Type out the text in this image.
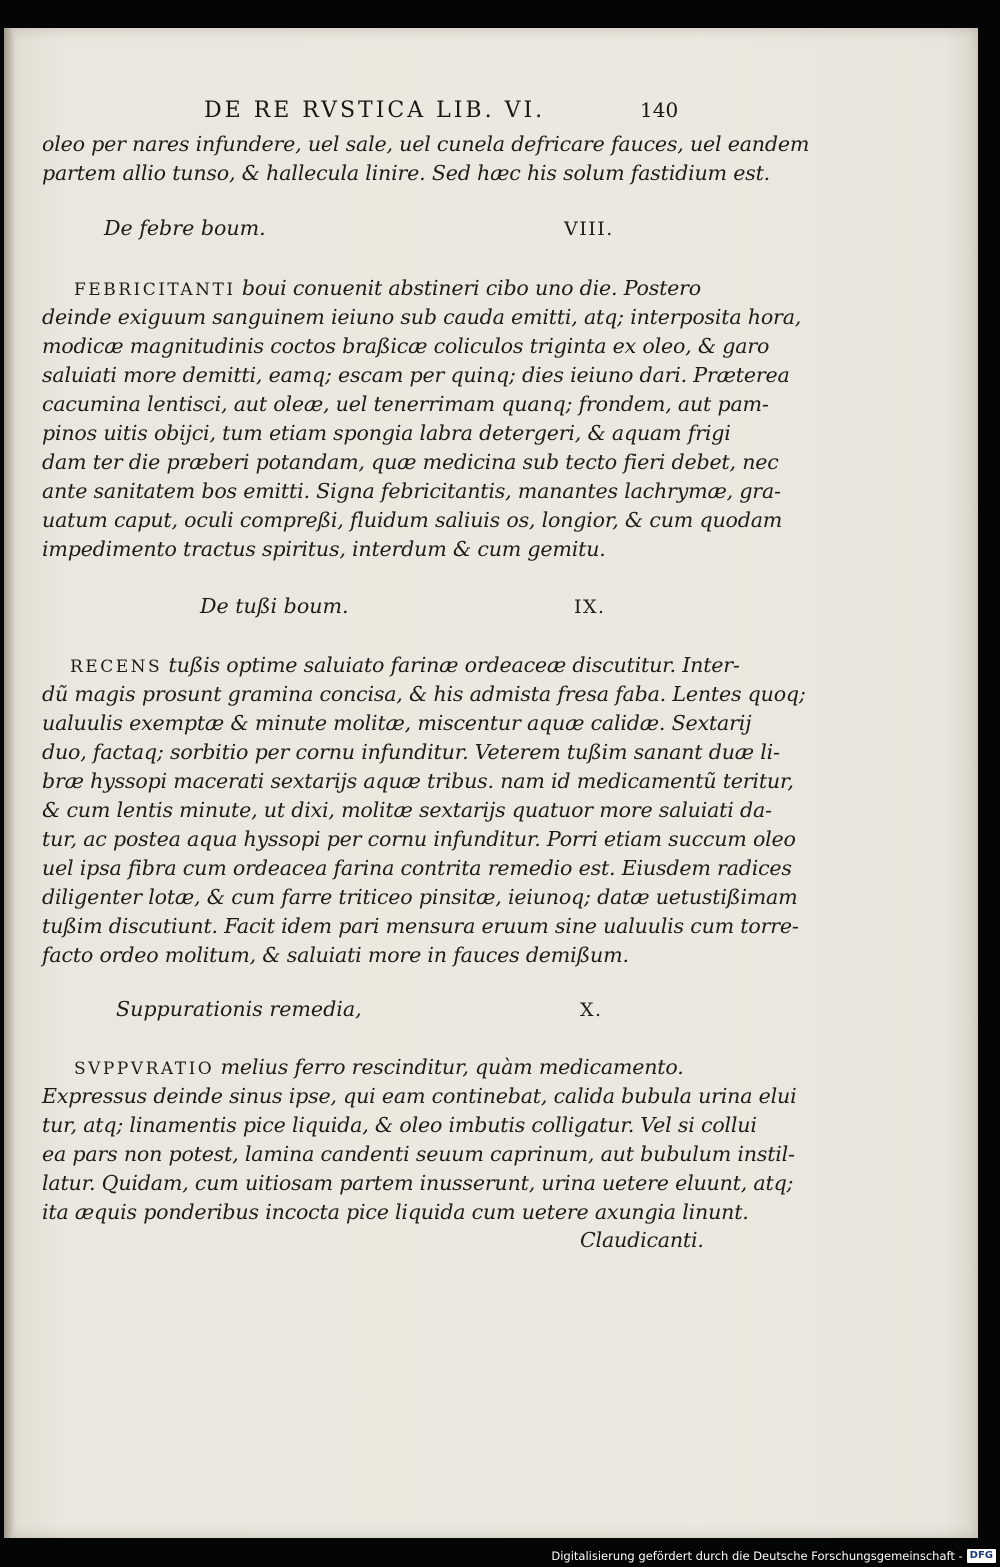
DE RE RVSTICA LIB. VI.	140
oleo per nares infundere, uel sale, uel cunela defricare fauces, uel eandem
partem allio tunso, & hallecula linire. Sed hæc his solum fastidium est.
De febre boum.	VIII.
FEBRICITANTI boui conuenit abstineri cibo uno die. Postero
deinde exiguum sanguinem ieiuno sub cauda emitti, atq; interposita hora,
modicæ magnitudinis coctos braßicæ coliculos triginta ex oleo, & garo
saluiati more demitti, eamq; escam per quinq; dies ieiuno dari. Præterea
cacumina lentisci, aut oleæ, uel tenerrimam quanq; frondem, aut pam-
pinos uitis obijci, tum etiam spongia labra detergeri, & aquam frigi
dam ter die præberi potandam, quæ medicina sub tecto fieri debet, nec
ante sanitatem bos emitti. Signa febricitantis, manantes lachrymæ, gra-
uatum caput, oculi compreßi, fluidum saliuis os, longior, & cum quodam
impedimento tractus spiritus, interdum & cum gemitu.
De tußi boum.	IX.
RECENS tußis optime saluiato farinæ ordeaceæ discutitur. Inter-
dũ magis prosunt gramina concisa, & his admista fresa faba. Lentes quoq;
ualuulis exemptæ & minute molitæ, miscentur aquæ calidæ. Sextarij
duo, factaq; sorbitio per cornu infunditur. Veterem tußim sanant duæ li-
bræ hyssopi macerati sextarijs aquæ tribus. nam id medicamentũ teritur,
& cum lentis minute, ut dixi, molitæ sextarijs quatuor more saluiati da-
tur, ac postea aqua hyssopi per cornu infunditur. Porri etiam succum oleo
uel ipsa fibra cum ordeacea farina contrita remedio est. Eiusdem radices
diligenter lotæ, & cum farre triticeo pinsitæ, ieiunoq; datæ uetustißimam
tußim discutiunt. Facit idem pari mensura eruum sine ualuulis cum torre-
facto ordeo molitum, & saluiati more in fauces demißum.
Suppurationis remedia,	X.
SVPPVRATIO melius ferro rescinditur, quàm medicamento.
Expressus deinde sinus ipse, qui eam continebat, calida bubula urina elui
tur, atq; linamentis pice liquida, & oleo imbutis colligatur. Vel si collui
ea pars non potest, lamina candenti seuum caprinum, aut bubulum instil-
latur. Quidam, cum uitiosam partem inusserunt, urina uetere eluunt, atq;
ita æquis ponderibus incocta pice liquida cum uetere axungia linunt.
Claudicanti.
Digitalisierung gefördert durch die Deutsche Forschungsgemeinschaft - DFG
